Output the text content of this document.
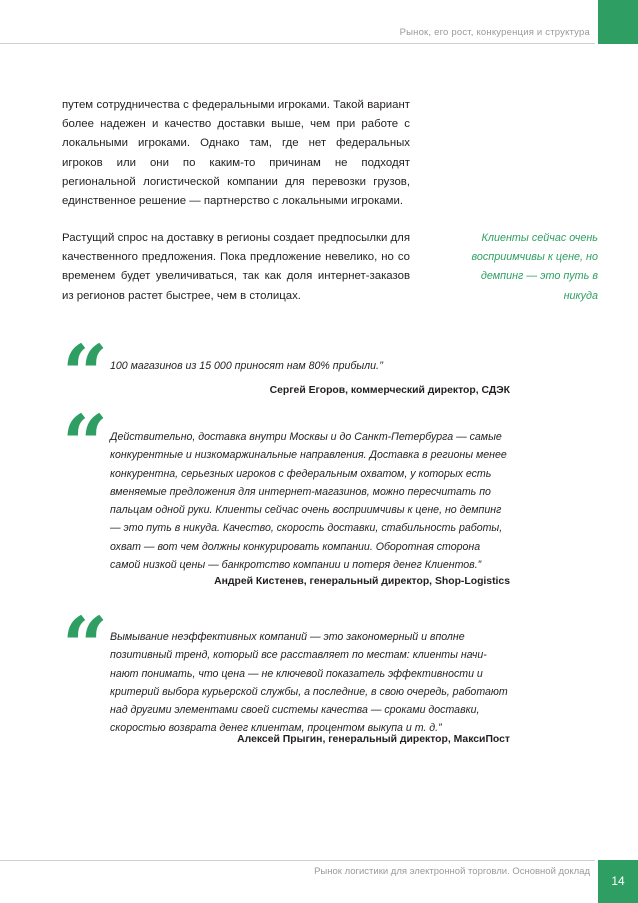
Рынок, его рост, конкуренция и структура

путем сотрудничества с федеральными игроками. Такой вариант более надежен и качество доставки выше, чем при работе с локальными игроками. Однако там, где нет федеральных игроков или они по каким-то причинам не подходят региональной логистической компании для перевозки грузов, единственное решение — партнерство с локальными игроками.

Растущий спрос на доставку в регионы создает предпосылки для качественного предложения. Пока предложение невелико, но со временем будет увеличиваться, так как доля интернет-заказов из регионов растет быстрее, чем в столицах.

Клиенты сейчас очень восприимчивы к цене, но демпинг — это путь в никуда

“ 100 магазинов из 15 000 приносят нам 80% прибыли.’’

Сергей Егоров, коммерческий директор, СДЭК

“ Действительно, доставка внутри Москвы и до Санкт-Петербурга — самые конкурентные и низкомаржинальные направления. Доставка в регионы менее конкурентна, серьезных игроков с федеральным охватом, у которых есть вменяемые предложения для интернет-магазинов, можно пересчитать по пальцам одной руки. Клиенты сейчас очень восприимчивы к цене, но демпинг — это путь в никуда. Качество, скорость доставки, стабильность работы, охват — вот чем должны конкурировать компании. Оборотная сторона самой низкой цены — банкротство компании и потеря денег Клиентов.”

Андрей Кистенев, генеральный директор, Shop-Logistics

“ Вымывание неэффективных компаний — это закономерный и вполне позитивный тренд, который все расставляет по местам: клиенты начинают понимать, что цена — не ключевой показатель эффективности и критерий выбора курьерской службы, а последние, в свою очередь, работают над другими элементами своей системы качества — сроками доставки, скоростью возврата денег клиентам, процентом выкупа и т. д.”

Алексей Прыгин, генеральный директор, МаксиПост

Рынок логистики для электронной торговли. Основной доклад
14
